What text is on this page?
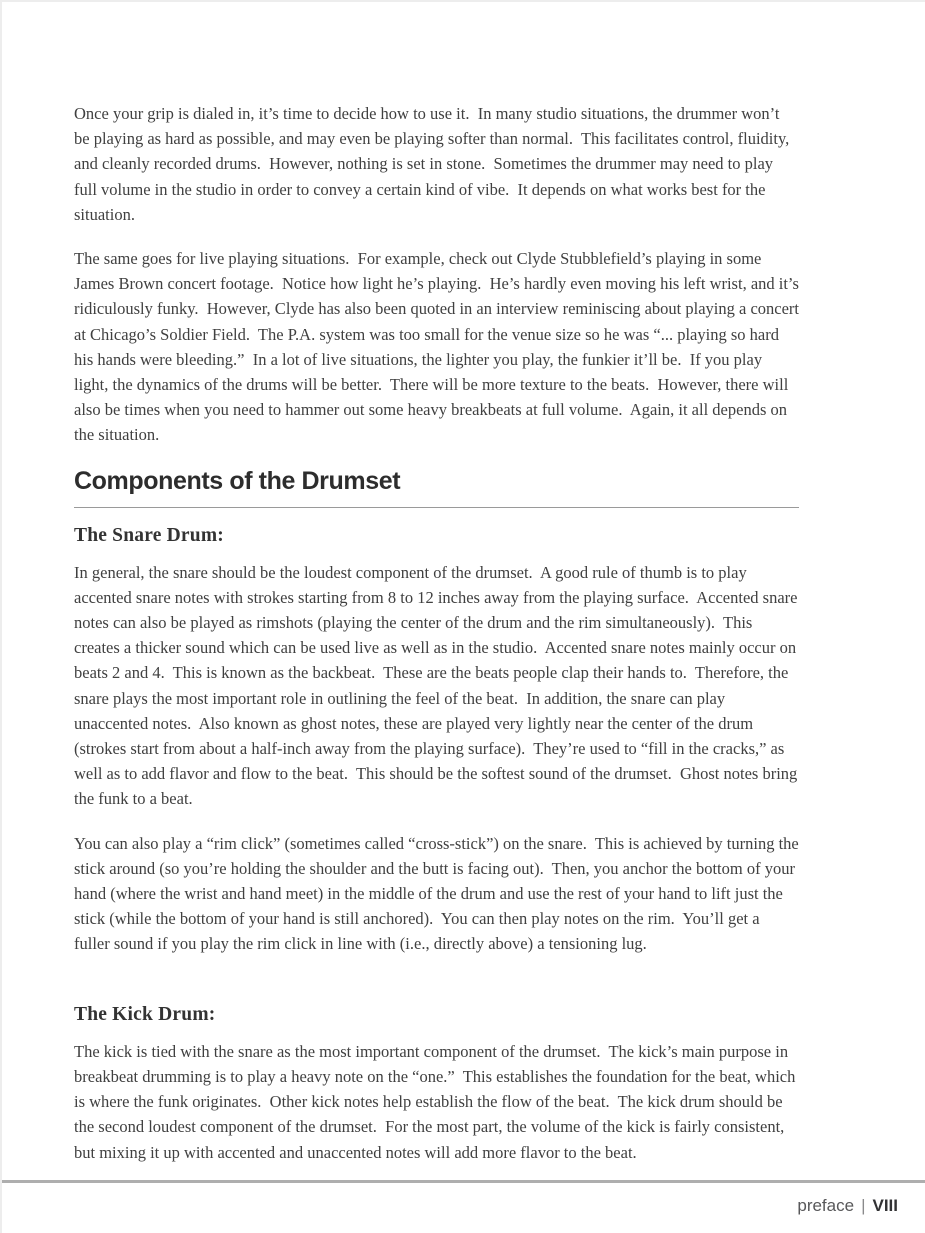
Once your grip is dialed in, it’s time to decide how to use it.  In many studio situations, the drummer won’t be playing as hard as possible, and may even be playing softer than normal.  This facilitates control, fluidity, and cleanly recorded drums.  However, nothing is set in stone.  Sometimes the drummer may need to play full volume in the studio in order to convey a certain kind of vibe.  It depends on what works best for the situation.

The same goes for live playing situations.  For example, check out Clyde Stubblefield’s playing in some James Brown concert footage.  Notice how light he’s playing.  He’s hardly even moving his left wrist, and it’s ridiculously funky.  However, Clyde has also been quoted in an interview reminiscing about playing a concert at Chicago’s Soldier Field.  The P.A. system was too small for the venue size so he was “... playing so hard his hands were bleeding.”  In a lot of live situations, the lighter you play, the funkier it’ll be.  If you play light, the dynamics of the drums will be better.  There will be more texture to the beats.  However, there will also be times when you need to hammer out some heavy breakbeats at full volume.  Again, it all depends on the situation.

Components of the Drumset
The Snare Drum:

In general, the snare should be the loudest component of the drumset.  A good rule of thumb is to play accented snare notes with strokes starting from 8 to 12 inches away from the playing surface.  Accented snare notes can also be played as rimshots (playing the center of the drum and the rim simultaneously).  This creates a thicker sound which can be used live as well as in the studio.  Accented snare notes mainly occur on beats 2 and 4.  This is known as the backbeat.  These are the beats people clap their hands to.  Therefore, the snare plays the most important role in outlining the feel of the beat.  In addition, the snare can play unaccented notes.  Also known as ghost notes, these are played very lightly near the center of the drum (strokes start from about a half-inch away from the playing surface).  They’re used to “fill in the cracks,” as well as to add flavor and flow to the beat.  This should be the softest sound of the drumset.  Ghost notes bring the funk to a beat.

You can also play a “rim click” (sometimes called “cross-stick”) on the snare.  This is achieved by turning the stick around (so you’re holding the shoulder and the butt is facing out).  Then, you anchor the bottom of your hand (where the wrist and hand meet) in the middle of the drum and use the rest of your hand to lift just the stick (while the bottom of your hand is still anchored).  You can then play notes on the rim.  You’ll get a fuller sound if you play the rim click in line with (i.e., directly above) a tensioning lug.

The Kick Drum:

The kick is tied with the snare as the most important component of the drumset.  The kick’s main purpose in breakbeat drumming is to play a heavy note on the “one.”  This establishes the foundation for the beat, which is where the funk originates.  Other kick notes help establish the flow of the beat.  The kick drum should be the second loudest component of the drumset.  For the most part, the volume of the kick is fairly consistent, but mixing it up with accented and unaccented notes will add more flavor to the beat.

preface | VIII
